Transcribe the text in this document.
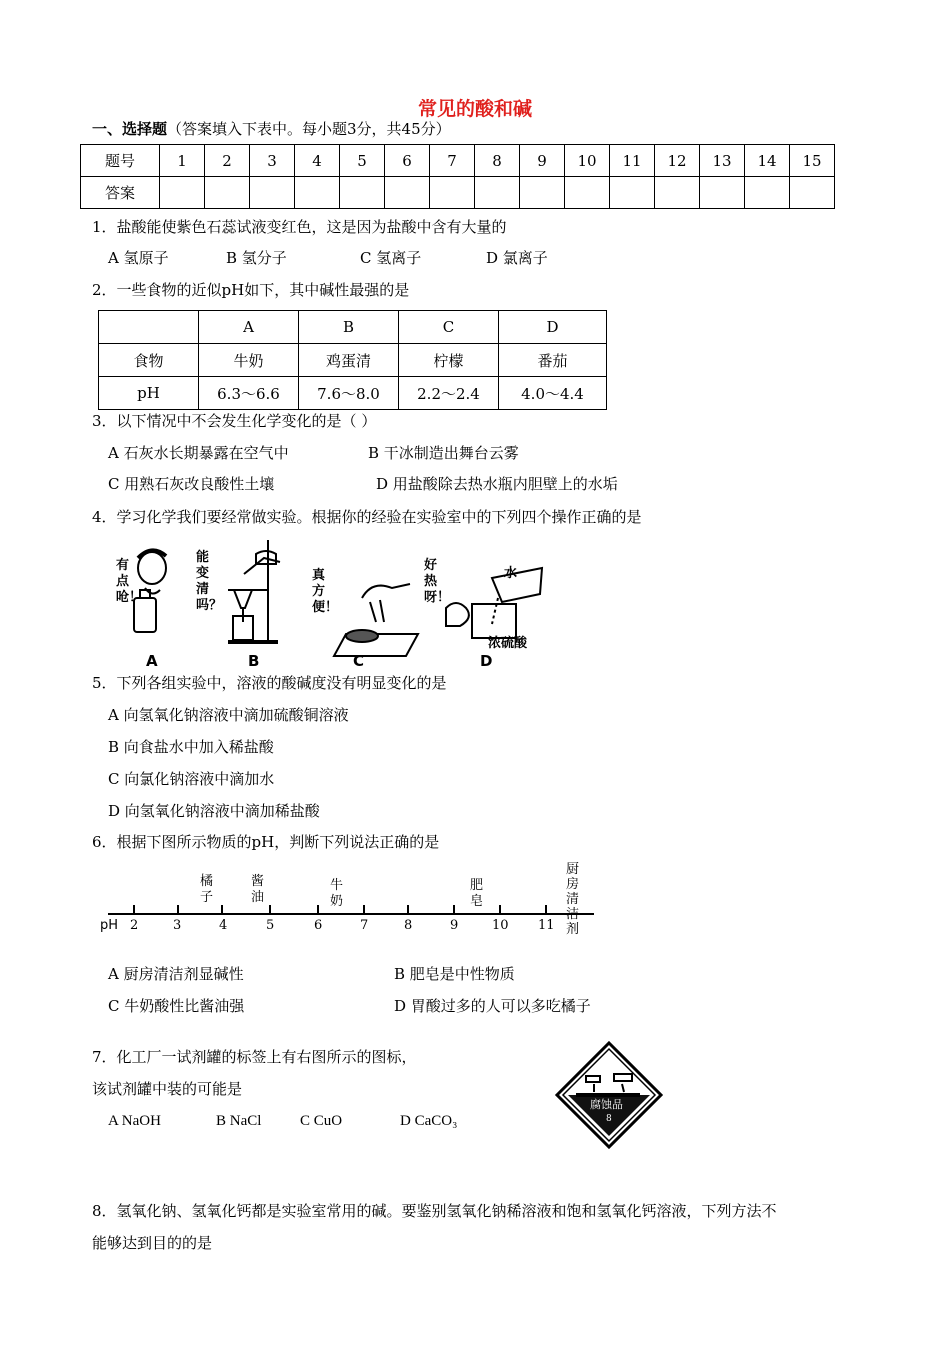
常见的酸和碱
一、选择题（答案填入下表中。每小题3分，共45分）
题号	1	2	3	4	5	6	7	8	9	10	11	12	13	14	15
答案															
1．盐酸能使紫色石蕊试液变红色，这是因为盐酸中含有大量的
A 氢原子	B 氢分子	C 氢离子	D 氯离子
2．一些食物的近似pH如下，其中碱性最强的是
	A	B	C	D
食物	牛奶	鸡蛋清	柠檬	番茄
pH	6.3～6.6	7.6～8.0	2.2～2.4	4.0～4.4
3．以下情况中不会发生化学变化的是（ ）
A 石灰水长期暴露在空气中	B 干冰制造出舞台云雾
C 用熟石灰改良酸性土壤	D 用盐酸除去热水瓶内胆壁上的水垢
4．学习化学我们要经常做实验。根据你的经验在实验室中的下列四个操作正确的是
有点呛！
能变清吗？
真方便！
好热呀！
水
浓硫酸
A	B	C	D
5．下列各组实验中，溶液的酸碱度没有明显变化的是
A 向氢氧化钠溶液中滴加硫酸铜溶液
B 向食盐水中加入稀盐酸
C 向氯化钠溶液中滴加水
D 向氢氧化钠溶液中滴加稀盐酸
6．根据下图所示物质的pH，判断下列说法正确的是
pH 2	3	4	5	6	7	8	9	10 11
橘子
酱油
牛奶
肥皂
厨房清洁剂
A 厨房清洁剂显碱性	B 肥皂是中性物质
C 牛奶酸性比酱油强	D 胃酸过多的人可以多吃橘子
7．化工厂一试剂罐的标签上有右图所示的图标，
该试剂罐中装的可能是
A NaOH	B NaCl	C CuO	D CaCO₃
腐蚀品
8
8．氢氧化钠、氢氧化钙都是实验室常用的碱。要鉴别氢氧化钠稀溶液和饱和氢氧化钙溶液，下列方法不
能够达到目的的是
